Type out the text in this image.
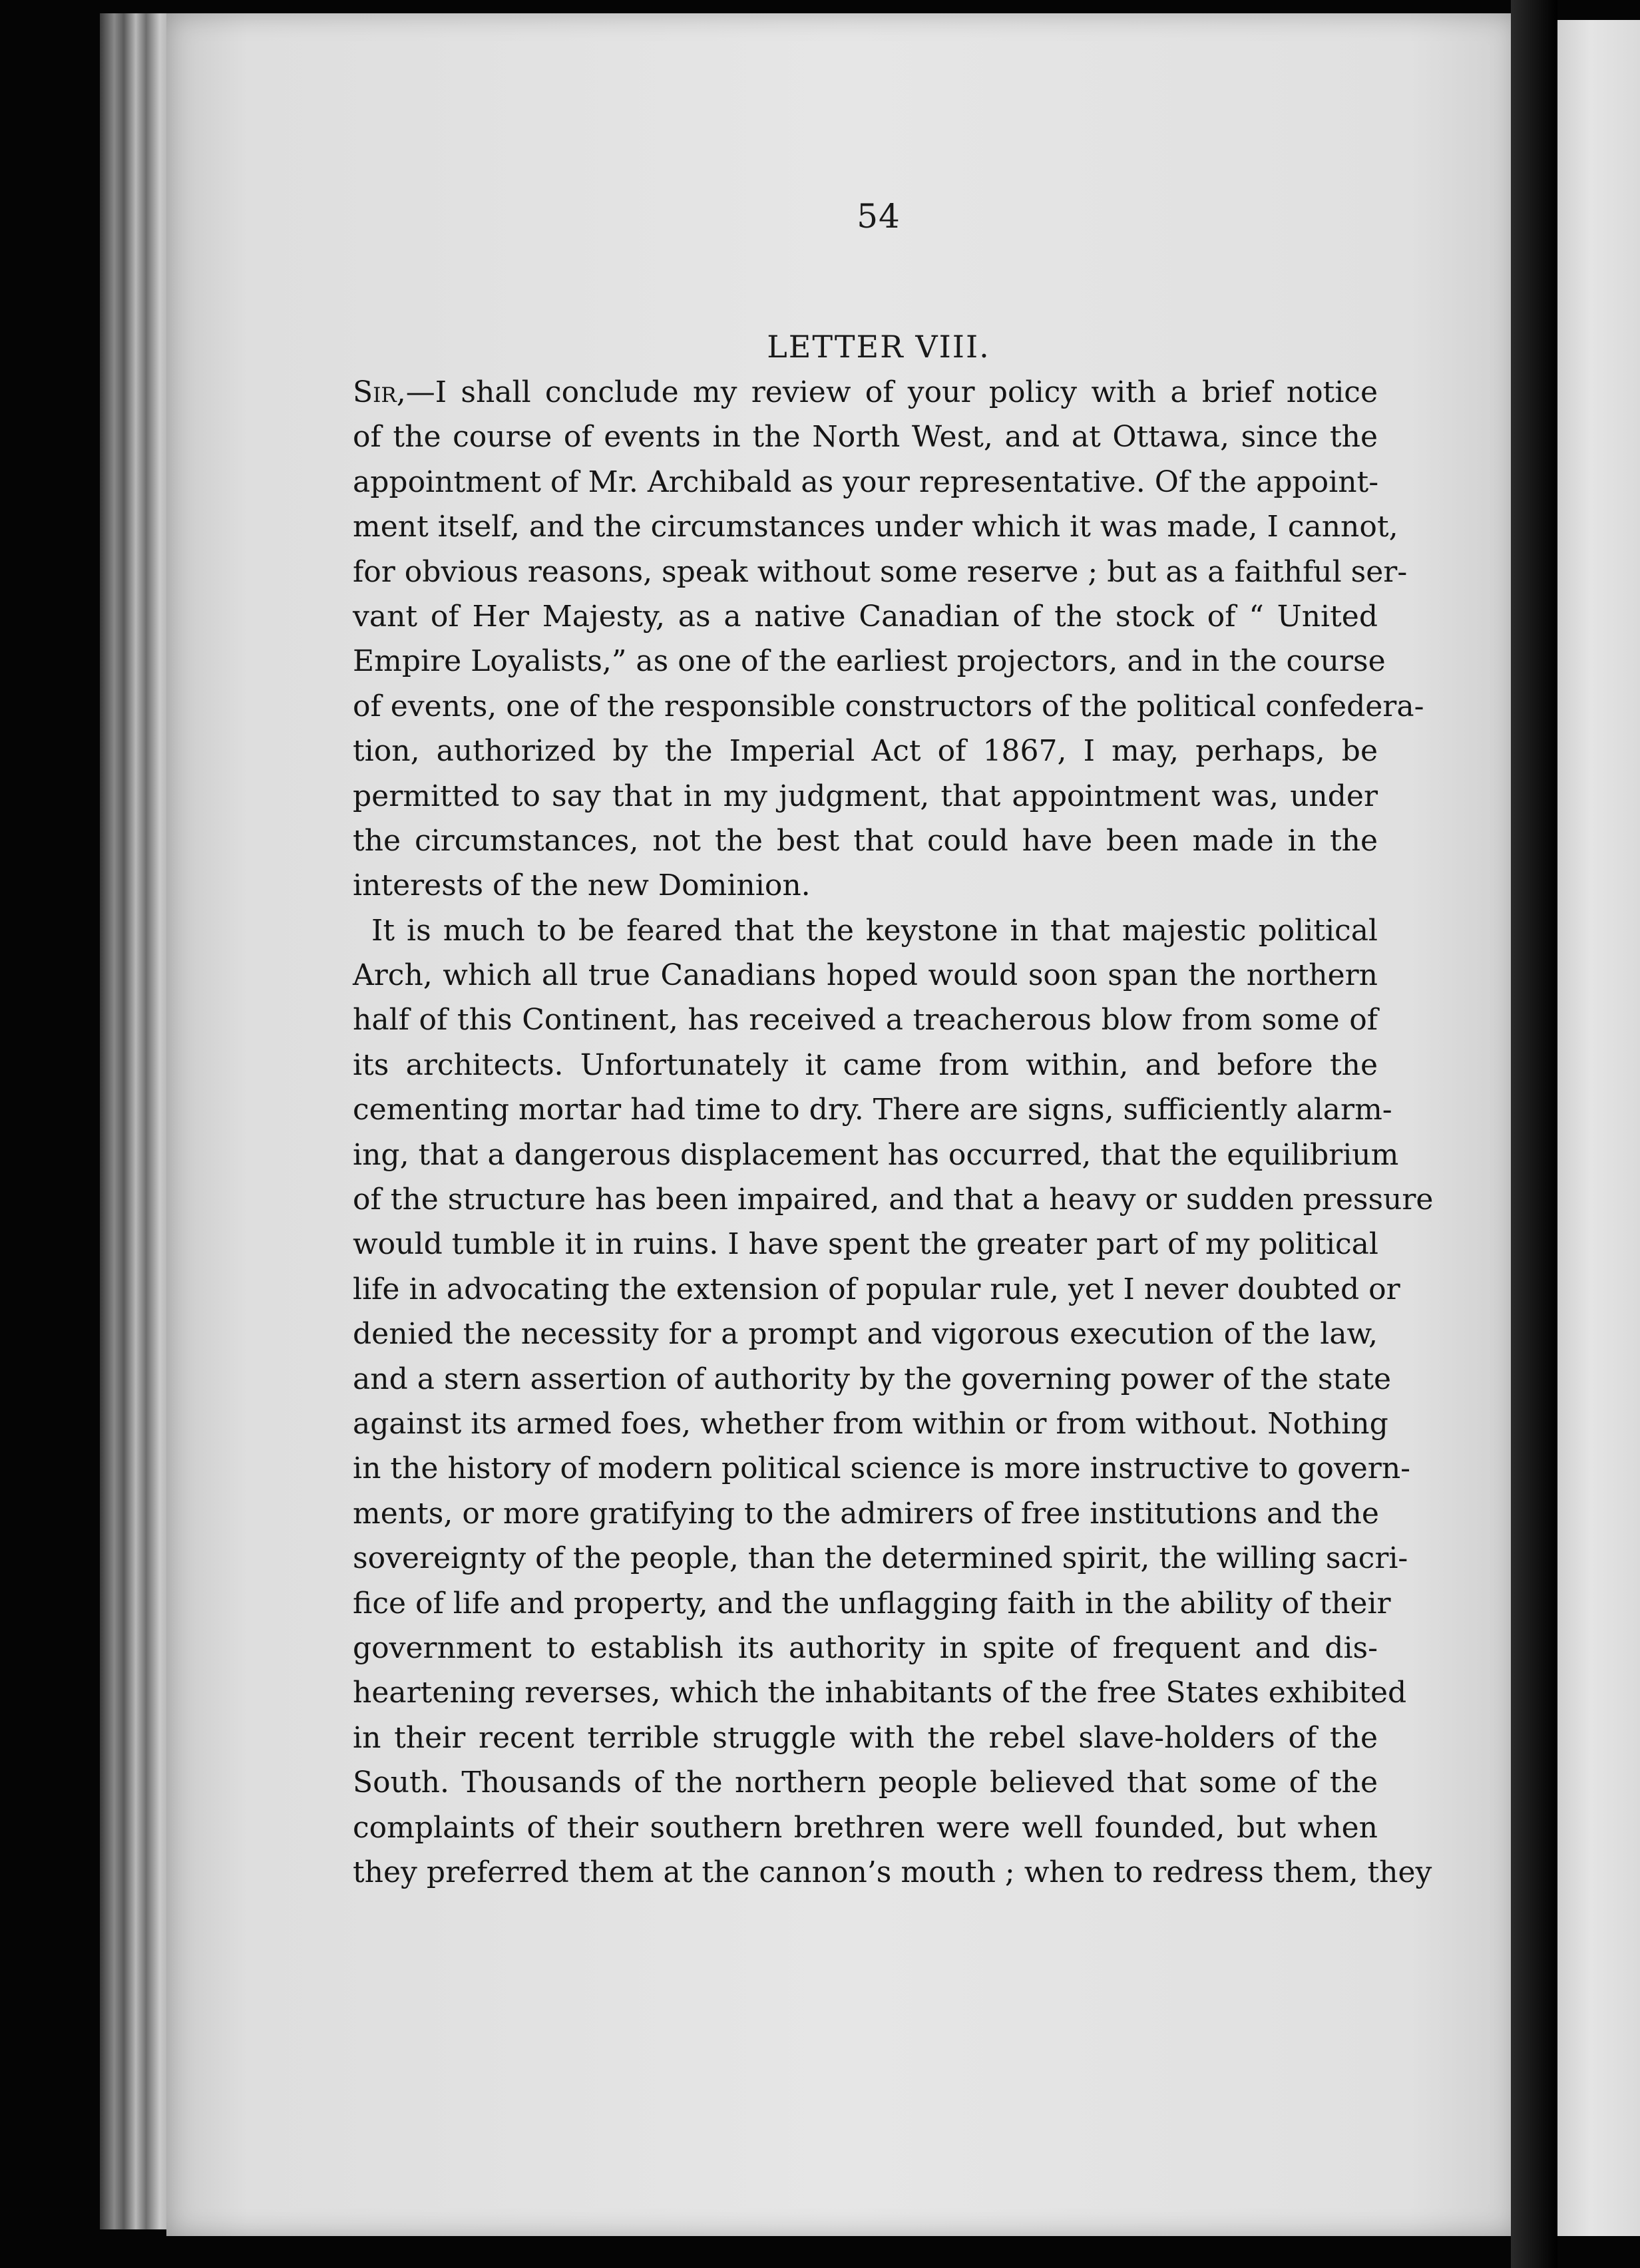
54
LETTER VIII.
Sir,—I shall conclude my review of your policy with a brief notice
of the course of events in the North West, and at Ottawa, since the
appointment of Mr. Archibald as your representative. Of the appoint-
ment itself, and the circumstances under which it was made, I cannot,
for obvious reasons, speak without some reserve ; but as a faithful ser-
vant of Her Majesty, as a native Canadian of the stock of “ United
Empire Loyalists,” as one of the earliest projectors, and in the course
of events, one of the responsible constructors of the political confedera-
tion, authorized by the Imperial Act of 1867, I may, perhaps, be
permitted to say that in my judgment, that appointment was, under
the circumstances, not the best that could have been made in the
interests of the new Dominion.
It is much to be feared that the keystone in that majestic political
Arch, which all true Canadians hoped would soon span the northern
half of this Continent, has received a treacherous blow from some of
its architects. Unfortunately it came from within, and before the
cementing mortar had time to dry. There are signs, sufficiently alarm-
ing, that a dangerous displacement has occurred, that the equilibrium
of the structure has been impaired, and that a heavy or sudden pressure
would tumble it in ruins. I have spent the greater part of my political
life in advocating the extension of popular rule, yet I never doubted or
denied the necessity for a prompt and vigorous execution of the law,
and a stern assertion of authority by the governing power of the state
against its armed foes, whether from within or from without. Nothing
in the history of modern political science is more instructive to govern-
ments, or more gratifying to the admirers of free institutions and the
sovereignty of the people, than the determined spirit, the willing sacri-
fice of life and property, and the unflagging faith in the ability of their
government to establish its authority in spite of frequent and dis-
heartening reverses, which the inhabitants of the free States exhibited
in their recent terrible struggle with the rebel slave-holders of the
South. Thousands of the northern people believed that some of the
complaints of their southern brethren were well founded, but when
they preferred them at the cannon’s mouth ; when to redress them, they
